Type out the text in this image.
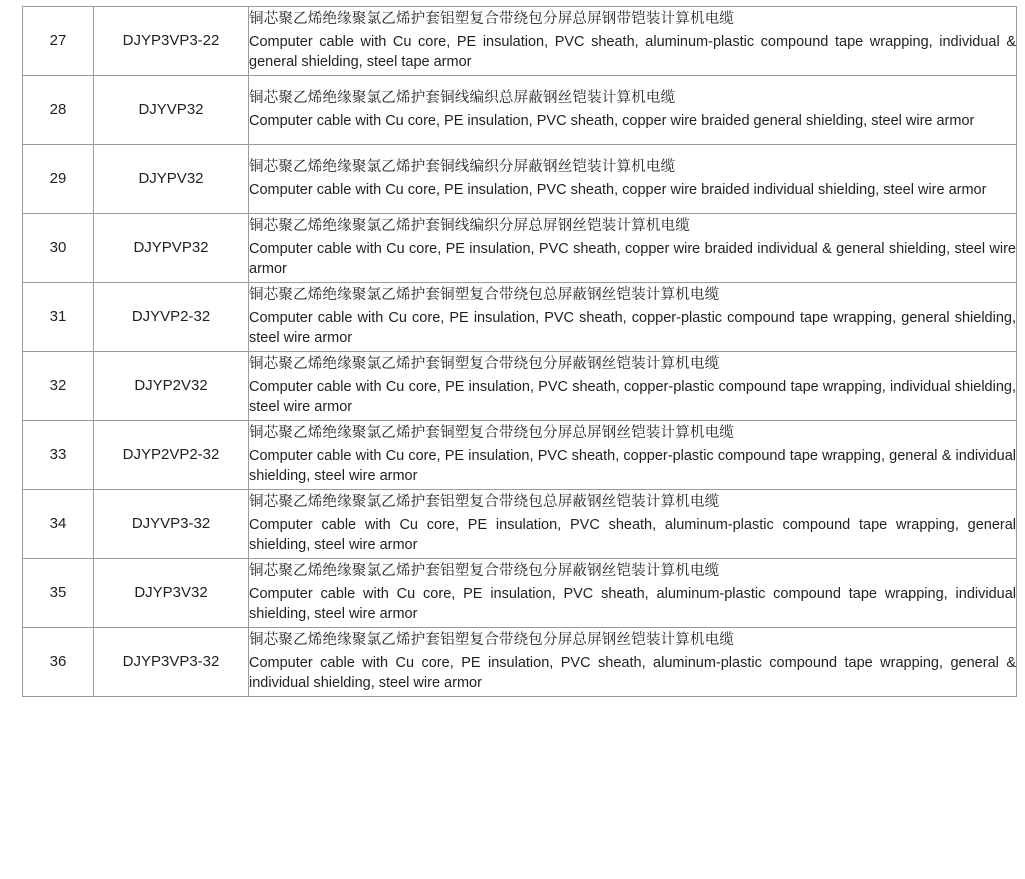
27	DJYP3VP3-22	铜芯聚乙烯绝缘聚氯乙烯护套铝塑复合带绕包分屏总屏钢带铠装计算机电缆
Computer cable with Cu core, PE insulation, PVC sheath, aluminum-plastic compound tape wrapping, individual & general shielding, steel tape armor

28	DJYVP32	铜芯聚乙烯绝缘聚氯乙烯护套铜线编织总屏蔽钢丝铠装计算机电缆
Computer cable with Cu core, PE insulation, PVC sheath, copper wire braided general shielding, steel wire armor

29	DJYPV32	铜芯聚乙烯绝缘聚氯乙烯护套铜线编织分屏蔽钢丝铠装计算机电缆
Computer cable with Cu core, PE insulation, PVC sheath, copper wire braided individual shielding, steel wire armor

30	DJYPVP32	铜芯聚乙烯绝缘聚氯乙烯护套铜线编织分屏总屏钢丝铠装计算机电缆
Computer cable with Cu core, PE insulation, PVC sheath, copper wire braided individual & general shielding, steel wire armor

31	DJYVP2-32	铜芯聚乙烯绝缘聚氯乙烯护套铜塑复合带绕包总屏蔽钢丝铠装计算机电缆
Computer cable with Cu core, PE insulation, PVC sheath, copper-plastic compound tape wrapping, general shielding, steel wire armor

32	DJYP2V32	铜芯聚乙烯绝缘聚氯乙烯护套铜塑复合带绕包分屏蔽钢丝铠装计算机电缆
Computer cable with Cu core, PE insulation, PVC sheath, copper-plastic compound tape wrapping, individual shielding, steel wire armor

33	DJYP2VP2-32	铜芯聚乙烯绝缘聚氯乙烯护套铜塑复合带绕包分屏总屏钢丝铠装计算机电缆
Computer cable with Cu core, PE insulation, PVC sheath, copper-plastic compound tape wrapping, general & individual shielding, steel wire armor

34	DJYVP3-32	铜芯聚乙烯绝缘聚氯乙烯护套铝塑复合带绕包总屏蔽钢丝铠装计算机电缆
Computer cable with Cu core, PE insulation, PVC sheath, aluminum-plastic compound tape wrapping, general shielding, steel wire armor

35	DJYP3V32	铜芯聚乙烯绝缘聚氯乙烯护套铝塑复合带绕包分屏蔽钢丝铠装计算机电缆
Computer cable with Cu core, PE insulation, PVC sheath, aluminum-plastic compound tape wrapping, individual shielding, steel wire armor

36	DJYP3VP3-32	铜芯聚乙烯绝缘聚氯乙烯护套铝塑复合带绕包分屏总屏钢丝铠装计算机电缆
Computer cable with Cu core, PE insulation, PVC sheath, aluminum-plastic compound tape wrapping, general & individual shielding, steel wire armor
